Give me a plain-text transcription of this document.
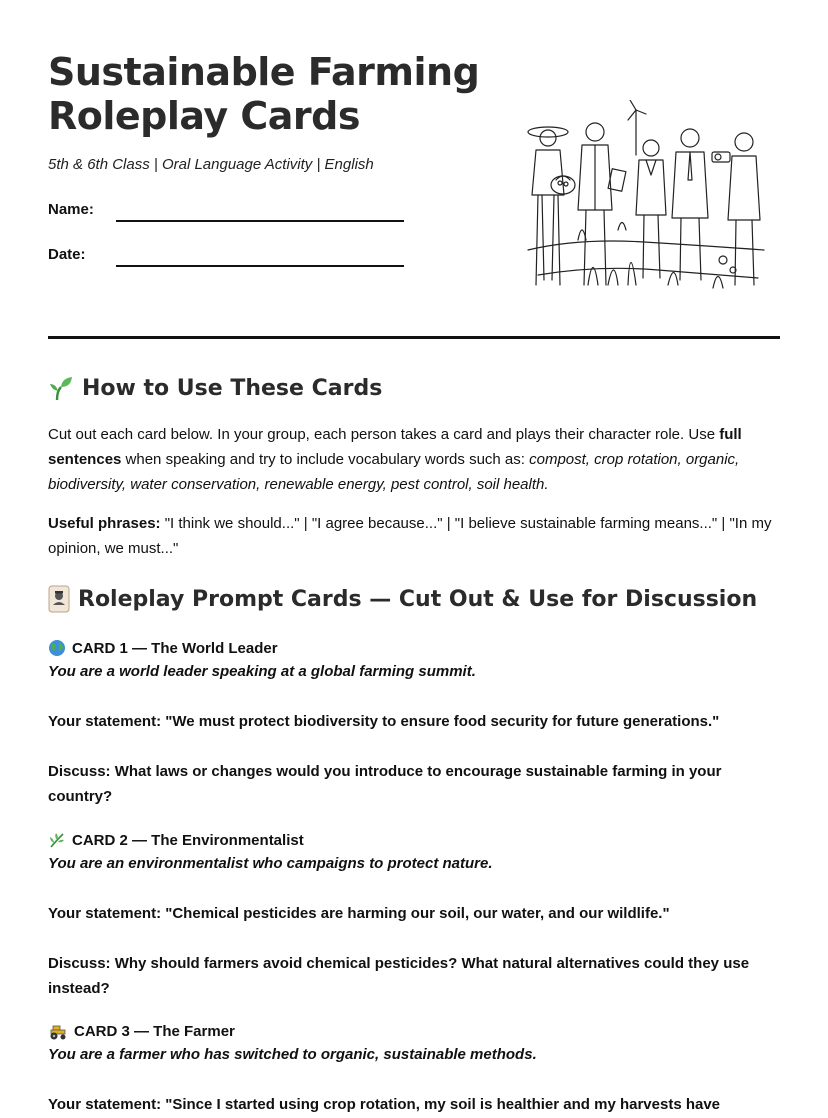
Sustainable Farming
Roleplay Cards
5th & 6th Class | Oral Language Activity | English
Name:
Date:
How to Use These Cards

Cut out each card below. In your group, each person takes a card and plays their character role. Use full sentences when speaking and try to include vocabulary words such as: compost, crop rotation, organic, biodiversity, water conservation, renewable energy, pest control, soil health.

Useful phrases: "I think we should..." | "I agree because..." | "I believe sustainable farming means..." | "In my opinion, we must..."

Roleplay Prompt Cards — Cut Out & Use for Discussion
CARD 1 — The World Leader
You are a world leader speaking at a global farming summit.
Your statement: "We must protect biodiversity to ensure food security for future generations."
Discuss: What laws or changes would you introduce to encourage sustainable farming in your country?
CARD 2 — The Environmentalist
You are an environmentalist who campaigns to protect nature.
Your statement: "Chemical pesticides are harming our soil, our water, and our wildlife."
Discuss: Why should farmers avoid chemical pesticides? What natural alternatives could they use instead?
CARD 3 — The Farmer
You are a farmer who has switched to organic, sustainable methods.
Your statement: "Since I started using crop rotation, my soil is healthier and my harvests have
